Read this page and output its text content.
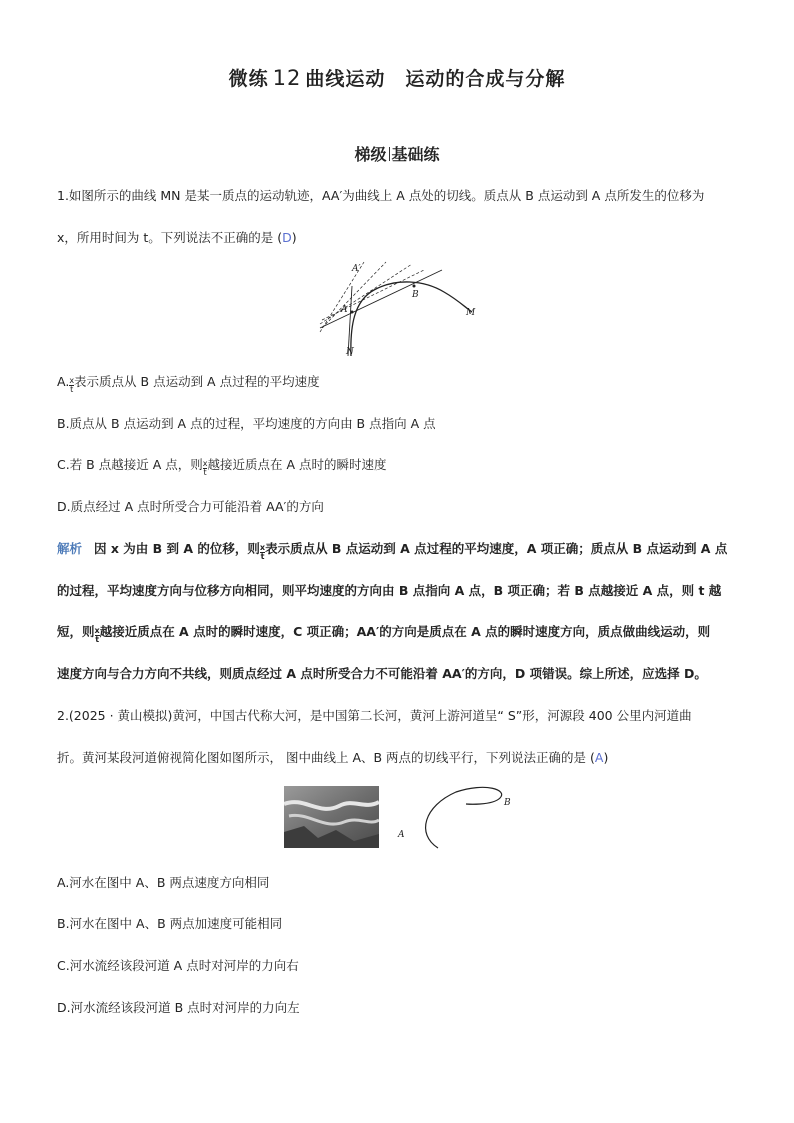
微练 12 曲线运动　运动的合成与分解
梯级 基础练
1.如图所示的曲线 MN 是某一质点的运动轨迹，AA′为曲线上 A 点处的切线。质点从 B 点运动到 A 点所发生的位移为
x，所用时间为 t。下列说法不正确的是 (D)
A′
A
B
M
N
A. $\frac{x}{t}$ 表示质点从 B 点运动到 A 点过程的平均速度
B.质点从 B 点运动到 A 点的过程，平均速度的方向由 B 点指向 A 点
C.若 B 点越接近 A 点，则 $\frac{x}{t}$ 越接近质点在 A 点时的瞬时速度
D.质点经过 A 点时所受合力可能沿着 AA′的方向
解析 因 x 为由 B 到 A 的位移，则 $\frac{x}{t}$ 表示质点从 B 点运动到 A 点过程的平均速度，A 项正确；质点从 B 点运动到 A 点
的过程，平均速度方向与位移方向相同，则平均速度的方向由 B 点指向 A 点，B 项正确；若 B 点越接近 A 点，则 t 越
短，则 $\frac{x}{t}$ 越接近质点在 A 点时的瞬时速度，C 项正确；AA′的方向是质点在 A 点的瞬时速度方向，质点做曲线运动，则
速度方向与合力方向不共线，则质点经过 A 点时所受合力不可能沿着 AA′的方向，D 项错误。综上所述，应选择 D。
2.(2025 · 黄山模拟)黄河，中国古代称大河，是中国第二长河，黄河上游河道呈“ S”形，河源段 400 公里内河道曲
折。黄河某段河道俯视简化图如图所示， 图中曲线上 A、B 两点的切线平行，下列说法正确的是 (A)
A
B
A.河水在图中 A、B 两点速度方向相同
B.河水在图中 A、B 两点加速度可能相同
C.河水流经该段河道 A 点时对河岸的力向右
D.河水流经该段河道 B 点时对河岸的力向左
